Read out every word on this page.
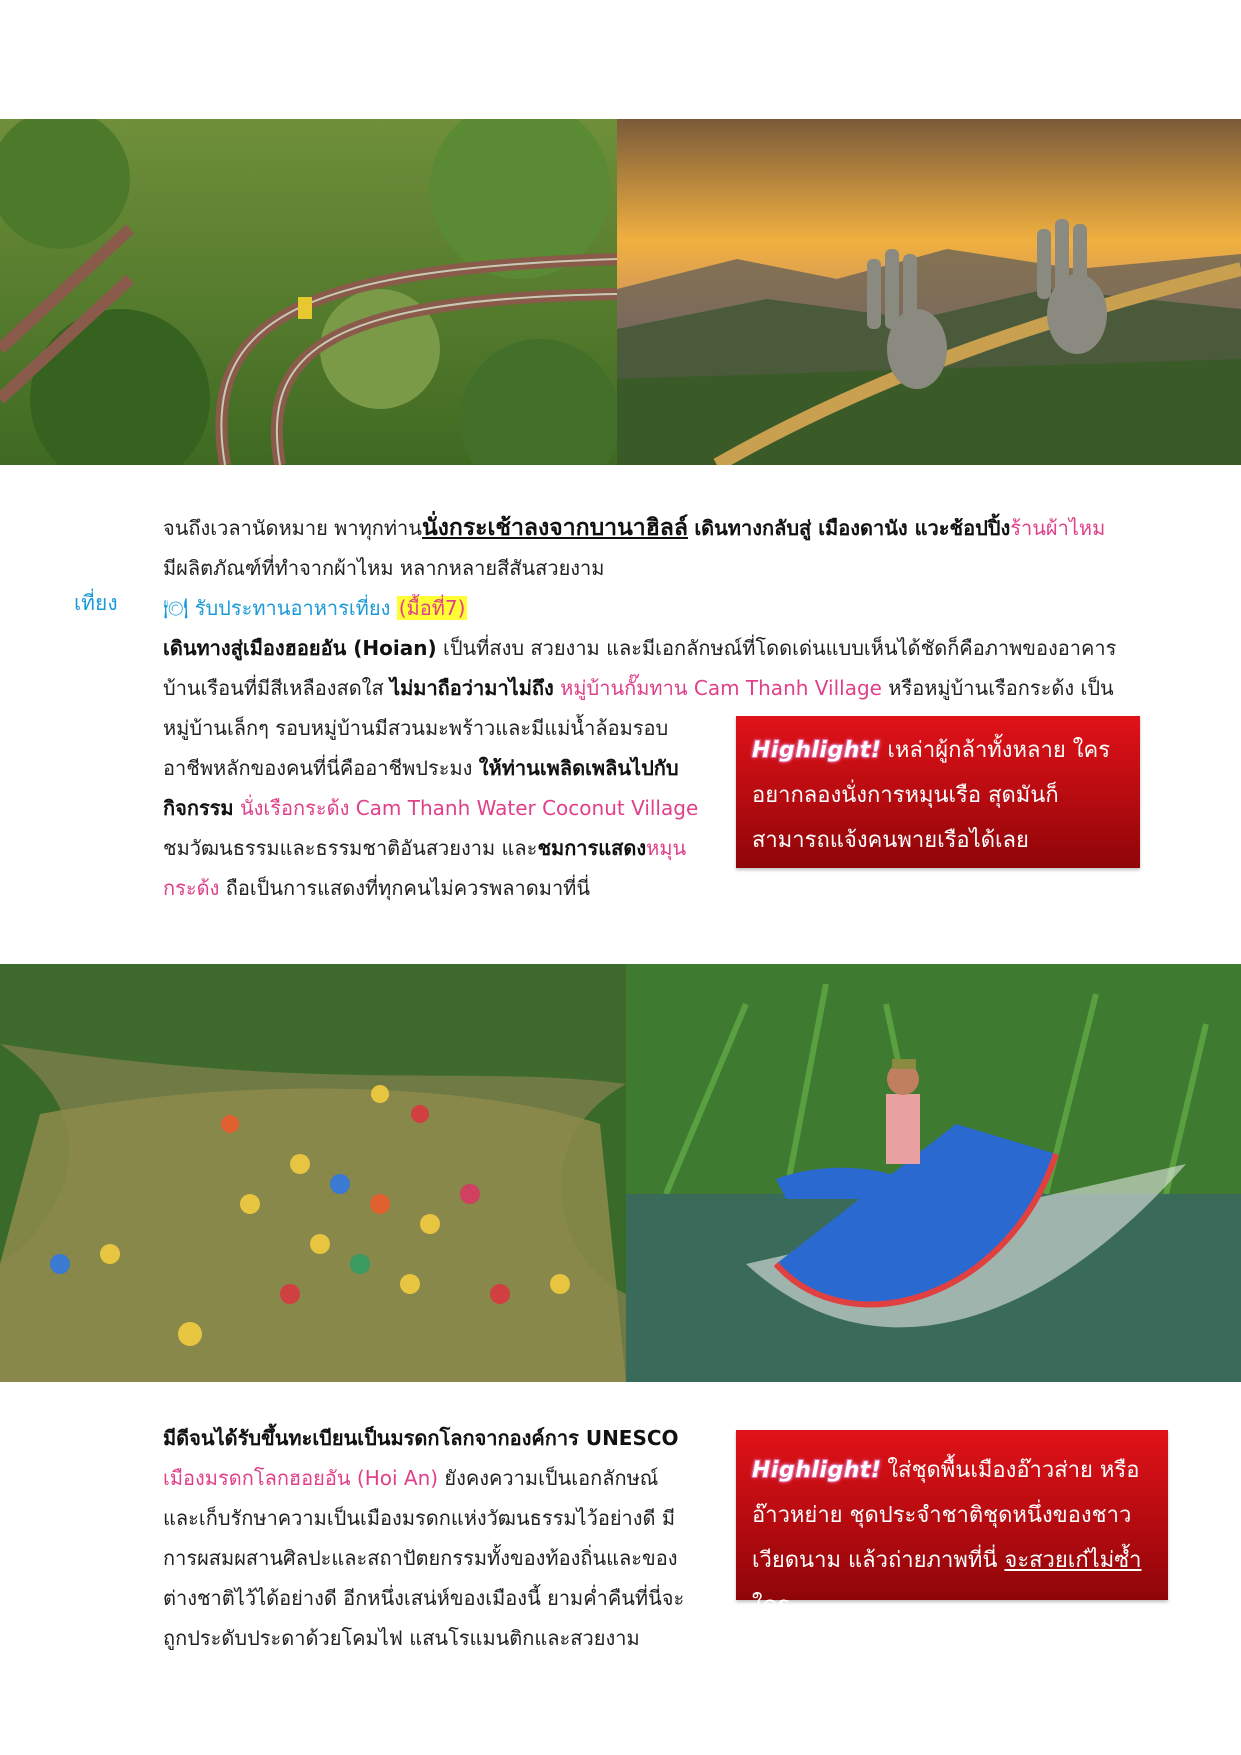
จนถึงเวลานัดหมาย พาทุกท่านนั่งกระเช้าลงจากบานาฮิลล์ เดินทางกลับสู่ เมืองดานัง แวะช้อปปิ้งร้านผ้าไหม
มีผลิตภัณฑ์ที่ทำจากผ้าไหม หลากหลายสีสันสวยงาม
🍽 รับประทานอาหารเที่ยง (มื้อที่7)
เดินทางสู่เมืองฮอยอัน (Hoian) เป็นที่สงบ สวยงาม และมีเอกลักษณ์ที่โดดเด่นแบบเห็นได้ชัดก็คือภาพของอาคาร
บ้านเรือนที่มีสีเหลืองสดใส ไม่มาถือว่ามาไม่ถึง หมู่บ้านกั๊มทาน Cam Thanh Village หรือหมู่บ้านเรือกระด้ง เป็น
หมู่บ้านเล็กๆ รอบหมู่บ้านมีสวนมะพร้าวและมีแม่น้ำล้อมรอบ
อาชีพหลักของคนที่นี่คืออาชีพประมง ให้ท่านเพลิดเพลินไปกับ
กิจกรรม นั่งเรือกระด้ง Cam Thanh Water Coconut Village
ชมวัฒนธรรมและธรรมชาติอันสวยงาม และชมการแสดงหมุน
กระด้ง ถือเป็นการแสดงที่ทุกคนไม่ควรพลาดมาที่นี่
เที่ยง
Highlight! เหล่าผู้กล้าทั้งหลาย ใคร
อยากลองนั่งการหมุนเรือ สุดมันก็
สามารถแจ้งคนพายเรือได้เลย
มีดีจนได้รับขึ้นทะเบียนเป็นมรดกโลกจากองค์การ UNESCO
เมืองมรดกโลกฮอยอัน (Hoi An) ยังคงความเป็นเอกลักษณ์
และเก็บรักษาความเป็นเมืองมรดกแห่งวัฒนธรรมไว้อย่างดี มี
การผสมผสานศิลปะและสถาปัตยกรรมทั้งของท้องถิ่นและของ
ต่างชาติไว้ได้อย่างดี อีกหนึ่งเสน่ห์ของเมืองนี้ ยามค่ำคืนที่นี่จะ
ถูกประดับประดาด้วยโคมไฟ แสนโรแมนติกและสวยงาม
Highlight! ใส่ชุดพื้นเมืองอ๊าวส่าย หรือ
อ๊าวหย่าย ชุดประจำชาติชุดหนึ่งของชาว
เวียดนาม แล้วถ่ายภาพที่นี่ จะสวยเก๋ไม่ซ้ำใคร
